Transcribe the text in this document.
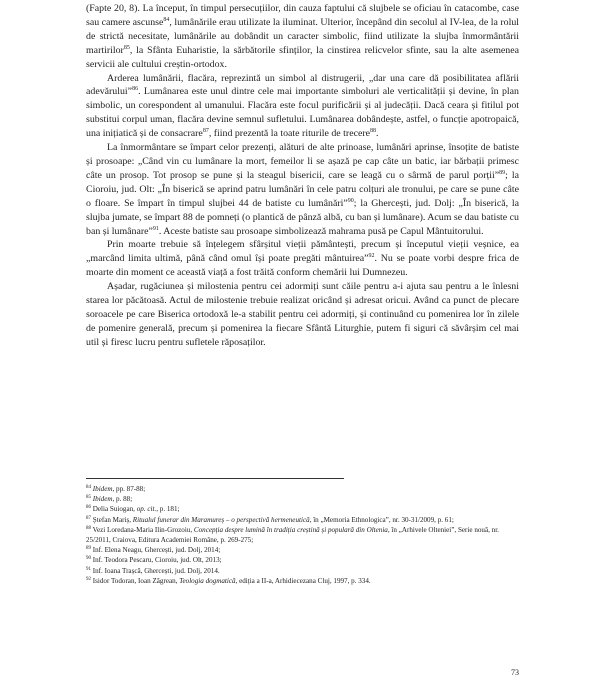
(Fapte 20, 8). La început, în timpul persecuțiilor, din cauza faptului că slujbele se oficiau în catacombe, case sau camere ascunse$^{84}$, lumânările erau utilizate la iluminat. Ulterior, începând din secolul al IV-lea, de la rolul de strictă necesitate, lumânările au dobândit un caracter simbolic, fiind utilizate la slujba înmormântării martirilor$^{85}$, la Sfânta Euharistie, la sărbătorile sfinților, la cinstirea relicvelor sfinte, sau la alte asemenea servicii ale cultului creștin-ortodox.

Arderea lumânării, flacăra, reprezintă un simbol al distrugerii, „dar una care dă posibilitatea aflării adevărului”$^{86}$. Lumânarea este unul dintre cele mai importante simboluri ale verticalității și devine, în plan simbolic, un corespondent al umanului. Flacăra este focul purificării și al judecății. Dacă ceara și fitilul pot substitui corpul uman, flacăra devine semnul sufletului. Lumânarea dobândește, astfel, o funcție apotropaică, una inițiatică și de consacrare$^{87}$, fiind prezentă la toate riturile de trecere$^{88}$.

La înmormântare se împart celor prezenți, alături de alte prinoase, lumânări aprinse, însoțite de batiste și prosoape: „Când vin cu lumânare la mort, femeilor li se așază pe cap câte un batic, iar bărbații primesc câte un prosop. Tot prosop se pune și la steagul bisericii, care se leagă cu o sârmă de parul porții”$^{89}$; la Cioroiu, jud. Olt: „În biserică se aprind patru lumânări în cele patru colțuri ale tronului, pe care se pune câte o floare. Se împart în timpul slujbei 44 de batiste cu lumânări”$^{90}$; la Ghercești, jud. Dolj: „În biserică, la slujba jumate, se împart 88 de pomneți (o plantică de pânză albă, cu ban și lumânare). Acum se dau batiste cu ban și lumânare”$^{91}$. Aceste batiste sau prosoape simbolizează mahrama pusă pe Capul Mântuitorului.

Prin moarte trebuie să înțelegem sfârșitul vieții pământești, precum și începutul vieții veșnice, ea „marcând limita ultimă, până când omul își poate pregăti mântuirea”$^{92}$. Nu se poate vorbi despre frica de moarte din moment ce această viață a fost trăită conform chemării lui Dumnezeu.

Așadar, rugăciunea și milostenia pentru cei adormiți sunt căile pentru a-i ajuta sau pentru a le înlesni starea lor păcătoasă. Actul de milostenie trebuie realizat oricând și adresat oricui. Având ca punct de plecare soroacele pe care Biserica ortodoxă le-a stabilit pentru cei adormiți, și continuând cu pomenirea lor în zilele de pomenire generală, precum și pomenirea la fiecare Sfântă Liturghie, putem fi siguri că săvârșim cel mai util și firesc lucru pentru sufletele răposaților.

$^{84}$ Ibidem, pp. 87-88;
$^{85}$ Ibidem, p. 88;
$^{86}$ Delia Suiogan, op. cit., p. 181;
$^{87}$ Ștefan Mariș, Ritualul funerar din Maramureș – o perspectivă hermeneutică, în „Memoria Ethnologica”, nr. 30-31/2009, p. 61;
$^{88}$ Vezi Loredana-Maria Ilin-Grozoiu, Concepția despre lumină în tradiția creștină și populară din Oltenia, în „Arhivele Olteniei”, Serie nouă, nr. 25/2011, Craiova, Editura Academiei Române, p. 269-275;
$^{89}$ Inf. Elena Neagu, Ghercești, jud. Dolj, 2014;
$^{90}$ Inf. Teodora Pescaru, Cioroiu, jud. Olt, 2013;
$^{91}$ Inf. Ioana Trașcă, Ghercești, jud. Dolj, 2014.
$^{92}$ Isidor Todoran, Ioan Zăgrean, Teologia dogmatică, ediția a II-a, Arhidiecezana Cluj, 1997, p. 334.
73
